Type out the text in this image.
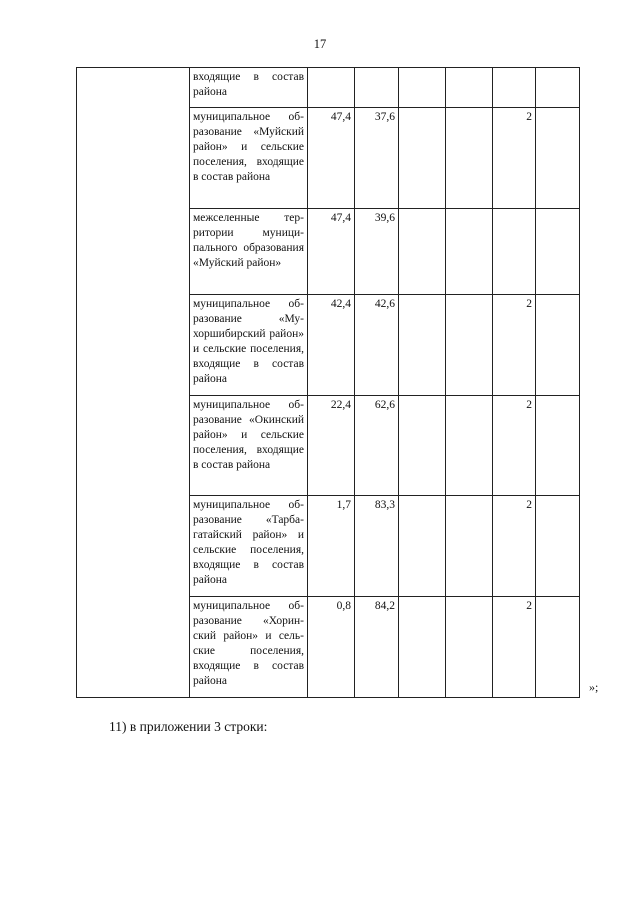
17
	входящие в состав района						
	муниципальное образование «Муйский район» и сельские поселения, входящие в состав района	47,4	37,6			2	
	межселенные территории муниципального образования «Муйский район»	47,4	39,6				
	муниципальное образование «Мухоршибирский район» и сельские поселения, входящие в состав района	42,4	42,6			2	
	муниципальное образование «Окинский район» и сельские поселения, входящие в состав района	22,4	62,6			2	
	муниципальное образование «Тарбагатайский район» и сельские поселения, входящие в состав района	1,7	83,3			2	
	муниципальное образование «Хоринский район» и сельские поселения, входящие в состав района	0,8	84,2			2	
»;
11) в приложении 3 строки:
